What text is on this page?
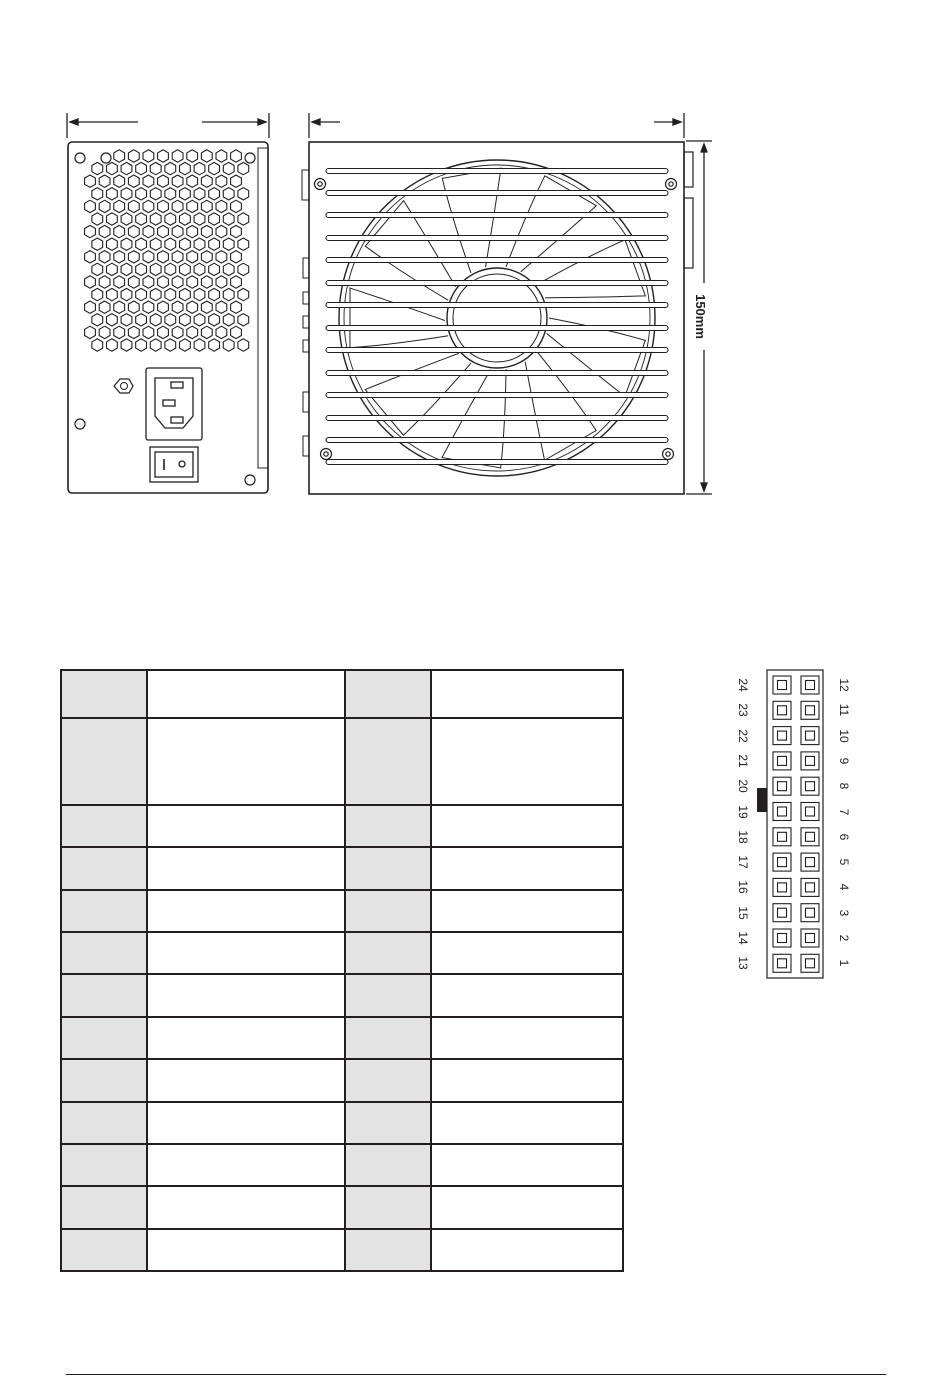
150mm

24
23
22
21
20
19
18
17
16
15
14
13
12
11
10
9
8
7
6
5
4
3
2
1
